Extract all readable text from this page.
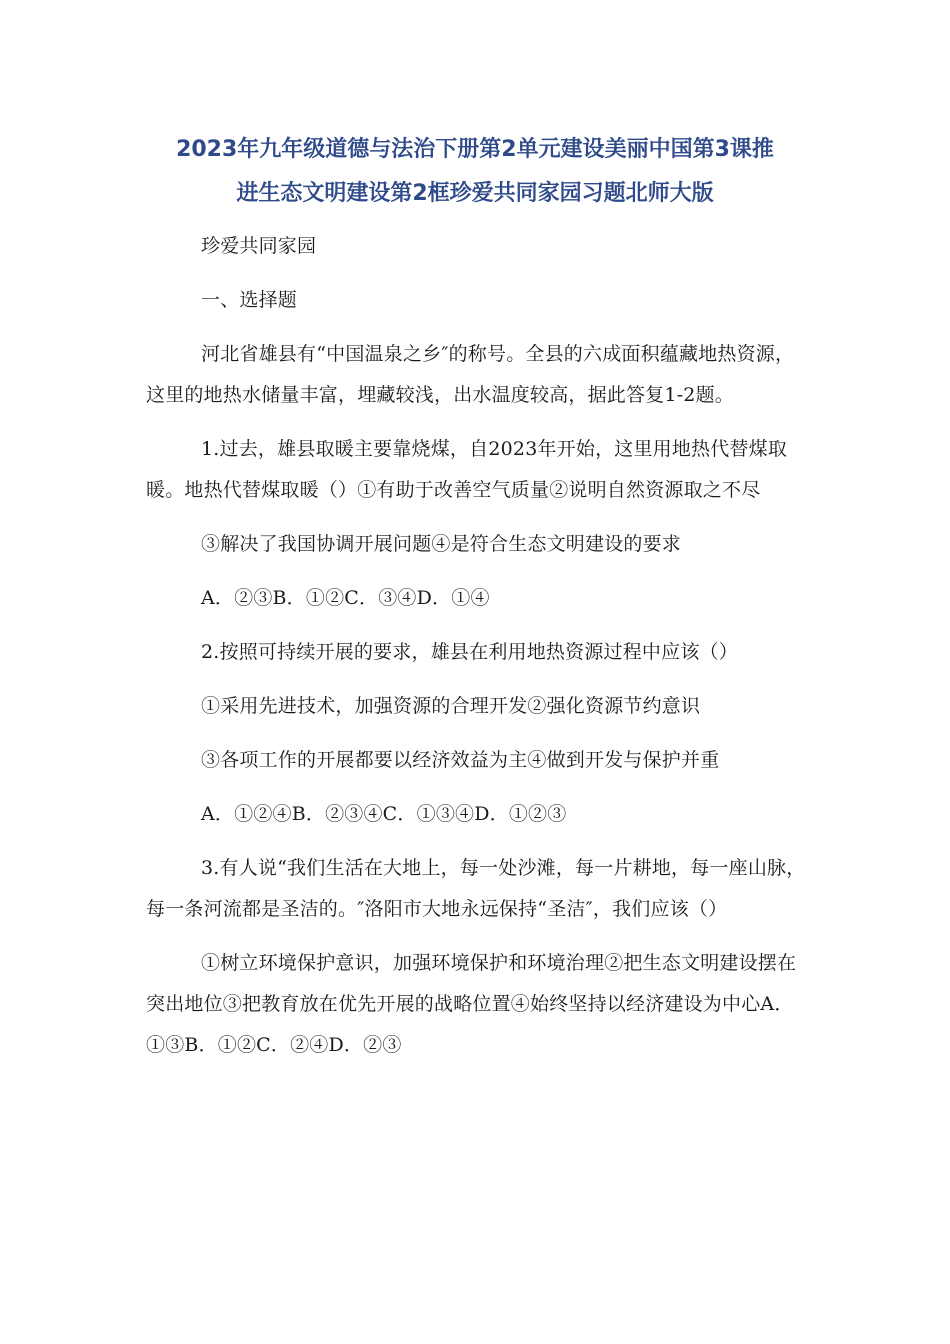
2023年九年级道德与法治下册第2单元建设美丽中国第3课推
进生态文明建设第2框珍爱共同家园习题北师大版

珍爱共同家园

一、选择题

河北省雄县有“中国温泉之乡″的称号。全县的六成面积蕴藏地热资源，这里的地热水储量丰富，埋藏较浅，出水温度较高，据此答复1-2题。

1.过去，雄县取暖主要靠烧煤，自2023年开始，这里用地热代替煤取暖。地热代替煤取暖（）①有助于改善空气质量②说明自然资源取之不尽

③解决了我国协调开展问题④是符合生态文明建设的要求

A．②③B．①②C．③④D．①④

2.按照可持续开展的要求，雄县在利用地热资源过程中应该（）

①采用先进技术，加强资源的合理开发②强化资源节约意识

③各项工作的开展都要以经济效益为主④做到开发与保护并重

A．①②④B．②③④C．①③④D．①②③

3.有人说“我们生活在大地上，每一处沙滩，每一片耕地，每一座山脉，每一条河流都是圣洁的。″洛阳市大地永远保持“圣洁″，我们应该（）

①树立环境保护意识，加强环境保护和环境治理②把生态文明建设摆在突出地位③把教育放在优先开展的战略位置④始终坚持以经济建设为中心A．①③B．①②C．②④D．②③
